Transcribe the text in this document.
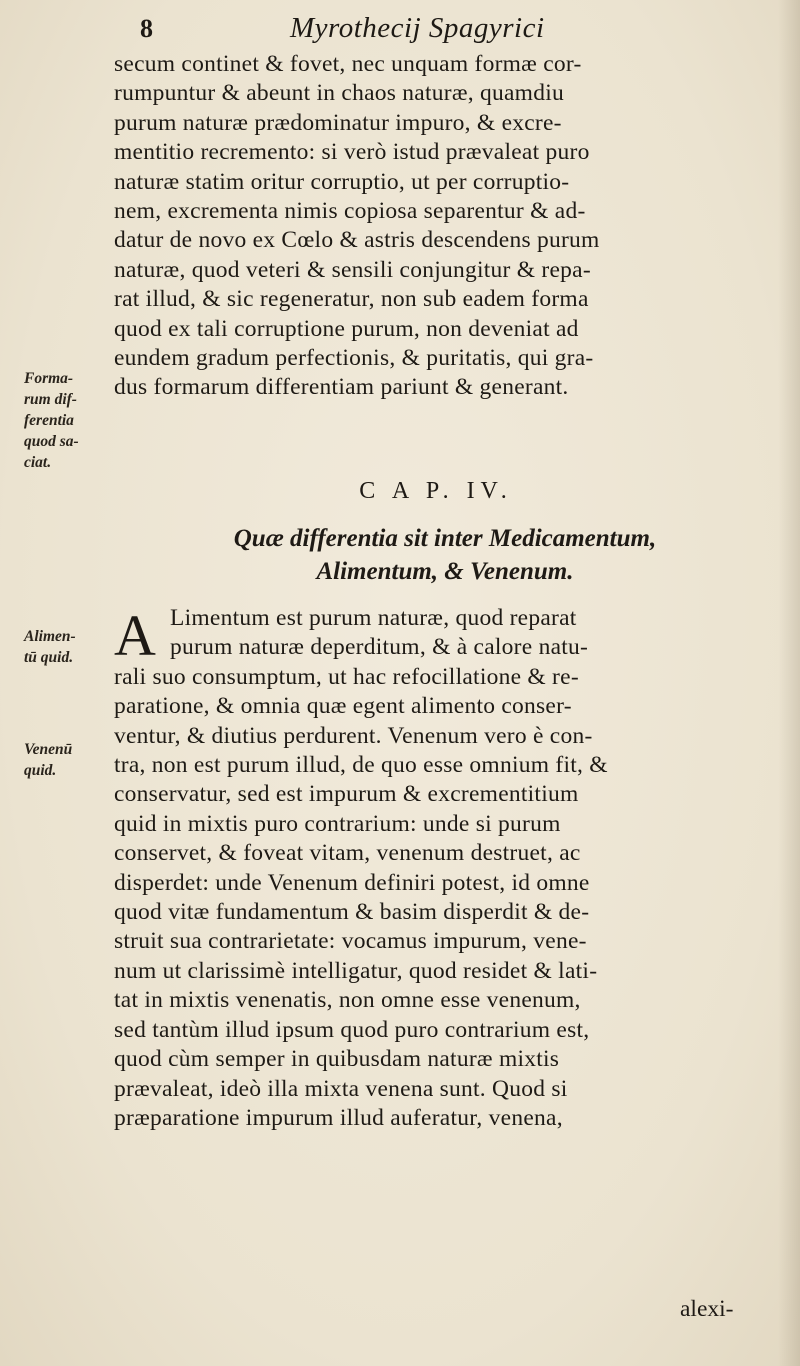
8	Myrothecij Spagyrici
secum continet & fovet, nec unquam formæ cor-
rumpuntur & abeunt in chaos naturæ, quamdiu
purum naturæ prædominatur impuro, & excre-
mentitio recremento: si verò istud prævaleat puro
naturæ statim oritur corruptio, ut per corruptio-
nem, excrementa nimis copiosa separentur & ad-
datur de novo ex Cœlo & astris descendens purum
naturæ, quod veteri & sensili conjungitur & repa-
rat illud, & sic regeneratur, non sub eadem forma
quod ex tali corruptione purum, non deveniat ad
eundem gradum perfectionis, & puritatis, qui gra-
dus formarum differentiam pariunt & generant.
C A P. IV.
Quæ differentia sit inter Medicamentum,
Alimentum, & Venenum.
A Limentum est purum naturæ, quod reparat
purum naturæ deperditum, & à calore natu-
rali suo consumptum, ut hac refocillatione & re-
paratione, & omnia quæ egent alimento conser-
ventur, & diutius perdurent. Venenum vero è con-
tra, non est purum illud, de quo esse omnium fit, &
conservatur, sed est impurum & excrementitium
quid in mixtis puro contrarium: unde si purum
conservet, & foveat vitam, venenum destruet, ac
disperdet: unde Venenum definiri potest, id omne
quod vitæ fundamentum & basim disperdit & de-
struit sua contrarietate: vocamus impurum, vene-
num ut clarissimè intelligatur, quod residet & lati-
tat in mixtis venenatis, non omne esse venenum,
sed tantùm illud ipsum quod puro contrarium est,
quod cùm semper in quibusdam naturæ mixtis
prævaleat, ideò illa mixta venena sunt. Quod si
præparatione impurum illud auferatur, venena,
alexi-
Forma-
rum dif-
ferentia
quod sa-
ciat.
Alimen-
tū quid.
Venenū
quid.
